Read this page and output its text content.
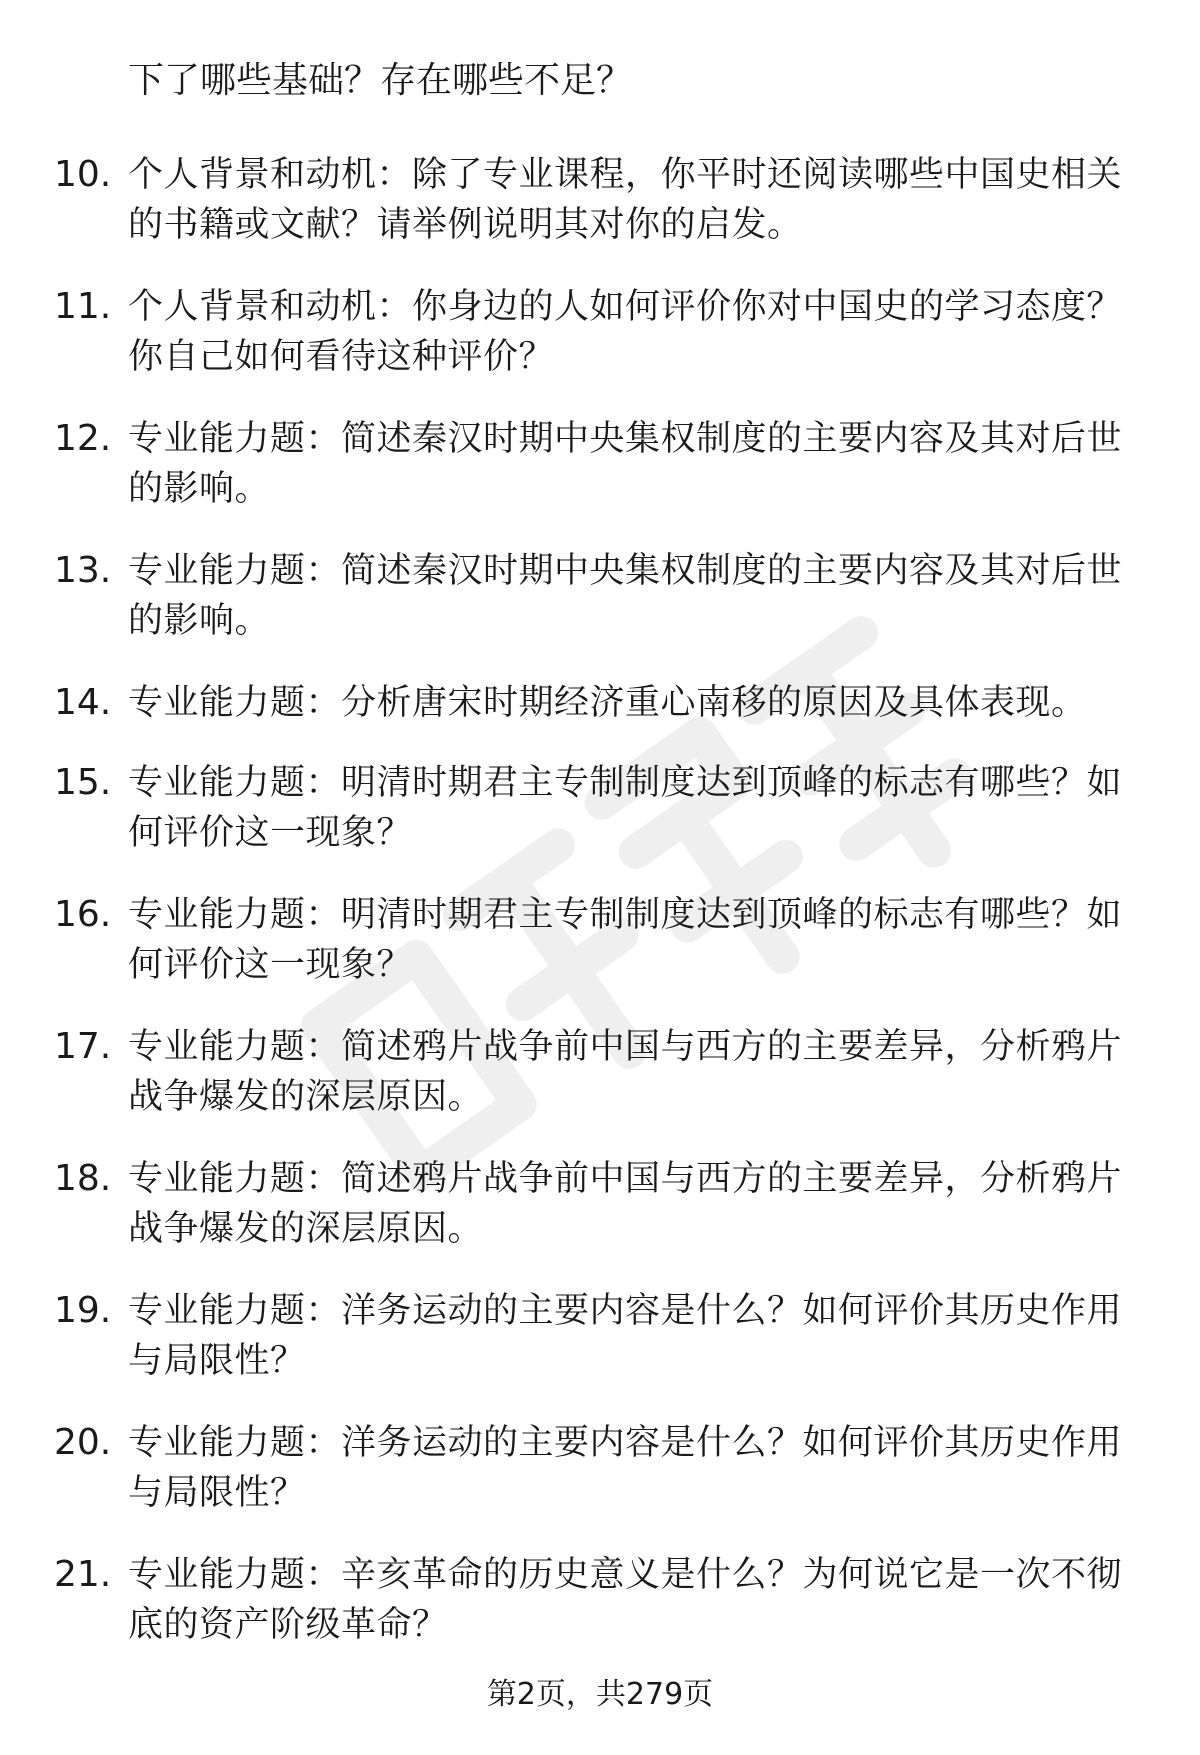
下了哪些基础？存在哪些不足？

10. 个人背景和动机：除了专业课程，你平时还阅读哪些中国史相关的书籍或文献？请举例说明其对你的启发。
11. 个人背景和动机：你身边的人如何评价你对中国史的学习态度？你自己如何看待这种评价？
12. 专业能力题：简述秦汉时期中央集权制度的主要内容及其对后世的影响。
13. 专业能力题：简述秦汉时期中央集权制度的主要内容及其对后世的影响。
14. 专业能力题：分析唐宋时期经济重心南移的原因及具体表现。
15. 专业能力题：明清时期君主专制制度达到顶峰的标志有哪些？如何评价这一现象？
16. 专业能力题：明清时期君主专制制度达到顶峰的标志有哪些？如何评价这一现象？
17. 专业能力题：简述鸦片战争前中国与西方的主要差异，分析鸦片战争爆发的深层原因。
18. 专业能力题：简述鸦片战争前中国与西方的主要差异，分析鸦片战争爆发的深层原因。
19. 专业能力题：洋务运动的主要内容是什么？如何评价其历史作用与局限性？
20. 专业能力题：洋务运动的主要内容是什么？如何评价其历史作用与局限性？
21. 专业能力题：辛亥革命的历史意义是什么？为何说它是一次不彻底的资产阶级革命？
第2页，共279页
